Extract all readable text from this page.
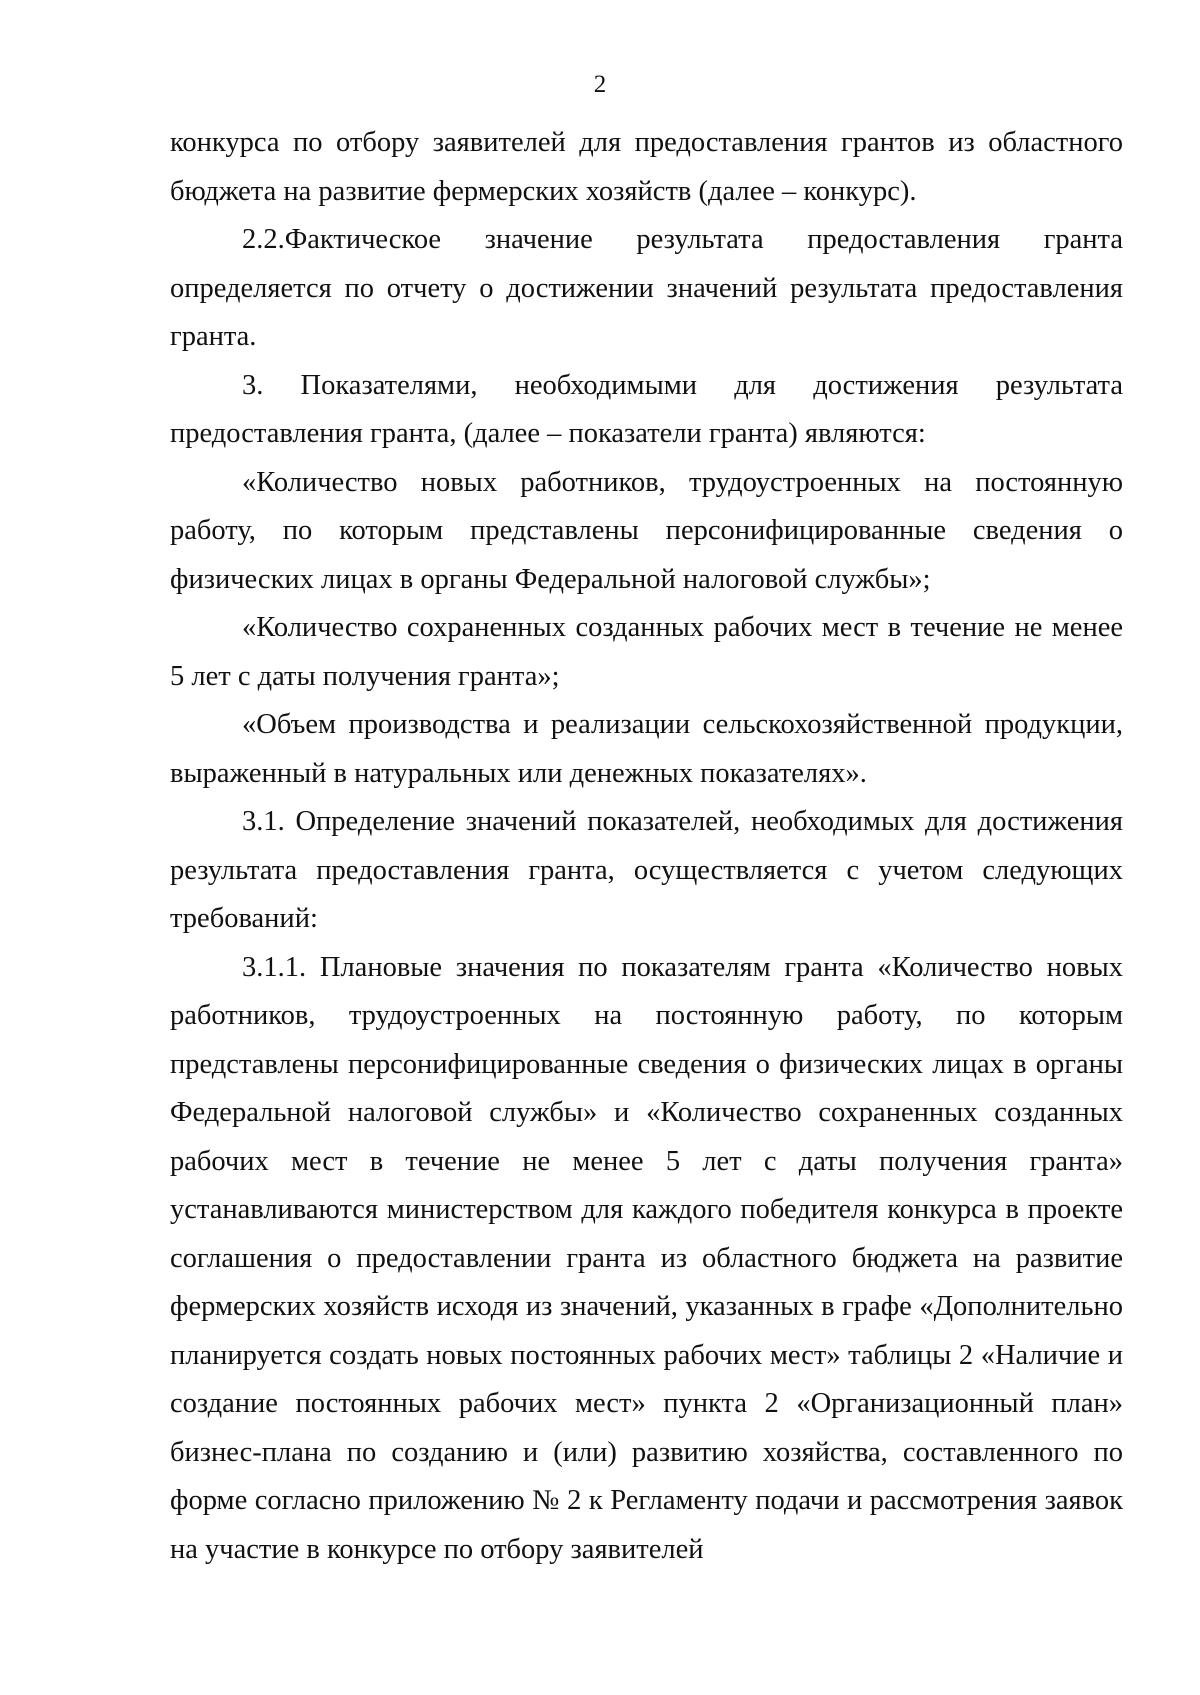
2

конкурса по отбору заявителей для предоставления грантов из областного бюджета на развитие фермерских хозяйств (далее – конкурс).

2.2.Фактическое значение результата предоставления гранта определяется по отчету о достижении значений результата предоставления гранта.

3. Показателями, необходимыми для достижения результата предоставления гранта, (далее – показатели гранта) являются:

«Количество новых работников, трудоустроенных на постоянную работу, по которым представлены персонифицированные сведения о физических лицах в органы Федеральной налоговой службы»;

«Количество сохраненных созданных рабочих мест в течение не менее 5 лет с даты получения гранта»;

«Объем производства и реализации сельскохозяйственной продукции, выраженный в натуральных или денежных показателях».

3.1. Определение значений показателей, необходимых для достижения результата предоставления гранта, осуществляется с учетом следующих требований:

3.1.1. Плановые значения по показателям гранта «Количество новых работников, трудоустроенных на постоянную работу, по которым представлены персонифицированные сведения о физических лицах в органы Федеральной налоговой службы» и «Количество сохраненных созданных рабочих мест в течение не менее 5 лет с даты получения гранта» устанавливаются министерством для каждого победителя конкурса в проекте соглашения о предоставлении гранта из областного бюджета на развитие фермерских хозяйств исходя из значений, указанных в графе «Дополнительно планируется создать новых постоянных рабочих мест» таблицы 2 «Наличие и создание постоянных рабочих мест» пункта 2 «Организационный план» бизнес-плана по созданию и (или) развитию хозяйства, составленного по форме согласно приложению № 2 к Регламенту подачи и рассмотрения заявок на участие в конкурсе по отбору заявителей
